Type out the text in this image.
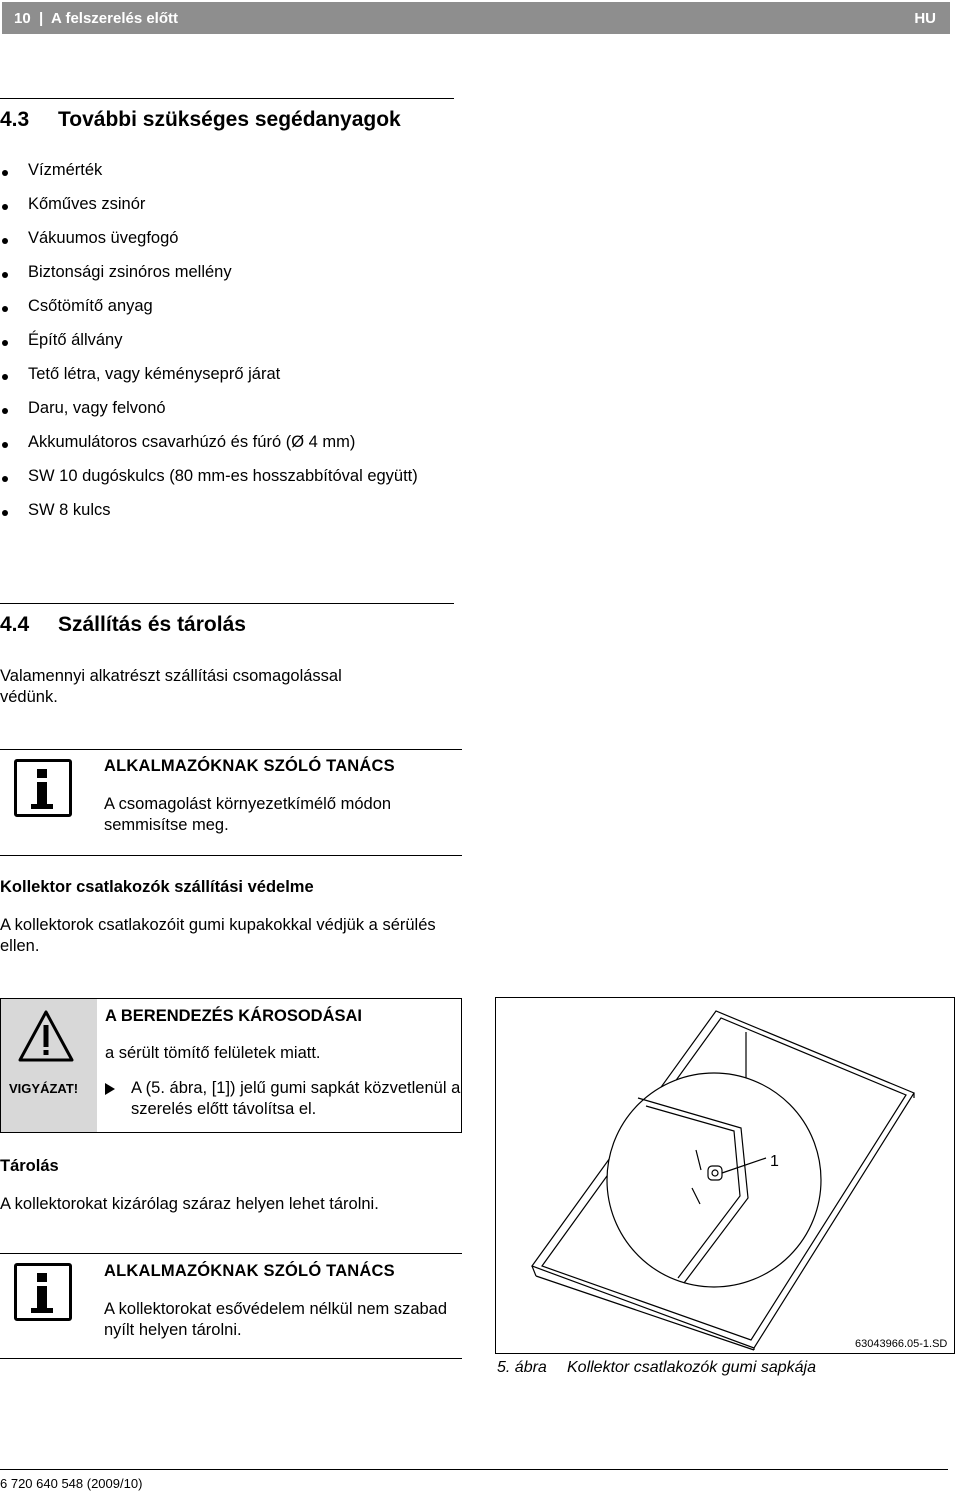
10  |  A felszerelés előtt	HU
4.3 További szükséges segédanyagok
Vízmérték
Kőműves zsinór
Vákuumos üvegfogó
Biztonsági zsinóros mellény
Csőtömítő anyag
Építő állvány
Tető létra, vagy kéményseprő járat
Daru, vagy felvonó
Akkumulátoros csavarhúzó és fúró (Ø 4 mm)
SW 10 dugóskulcs (80 mm-es hosszabbítóval együtt)
SW 8 kulcs
4.4 Szállítás és tárolás
Valamennyi alkatrészt szállítási csomagolással védünk.
ALKALMAZÓKNAK SZÓLÓ TANÁCS
A csomagolást környezetkímélő módon semmisítse meg.
Kollektor csatlakozók szállítási védelme
A kollektorok csatlakozóit gumi kupakokkal védjük a sérülés ellen.
VIGYÁZAT!
A BERENDEZÉS KÁROSODÁSAI
a sérült tömítő felületek miatt.
A (5. ábra, [1]) jelű gumi sapkát közvetlenül a szerelés előtt távolítsa el.
Tárolás
A kollektorokat kizárólag száraz helyen lehet tárolni.
ALKALMAZÓKNAK SZÓLÓ TANÁCS
A kollektorokat esővédelem nélkül nem szabad nyílt helyen tárolni.
1
63043966.05-1.SD
5. ábra Kollektor csatlakozók gumi sapkája
6 720 640 548 (2009/10)
